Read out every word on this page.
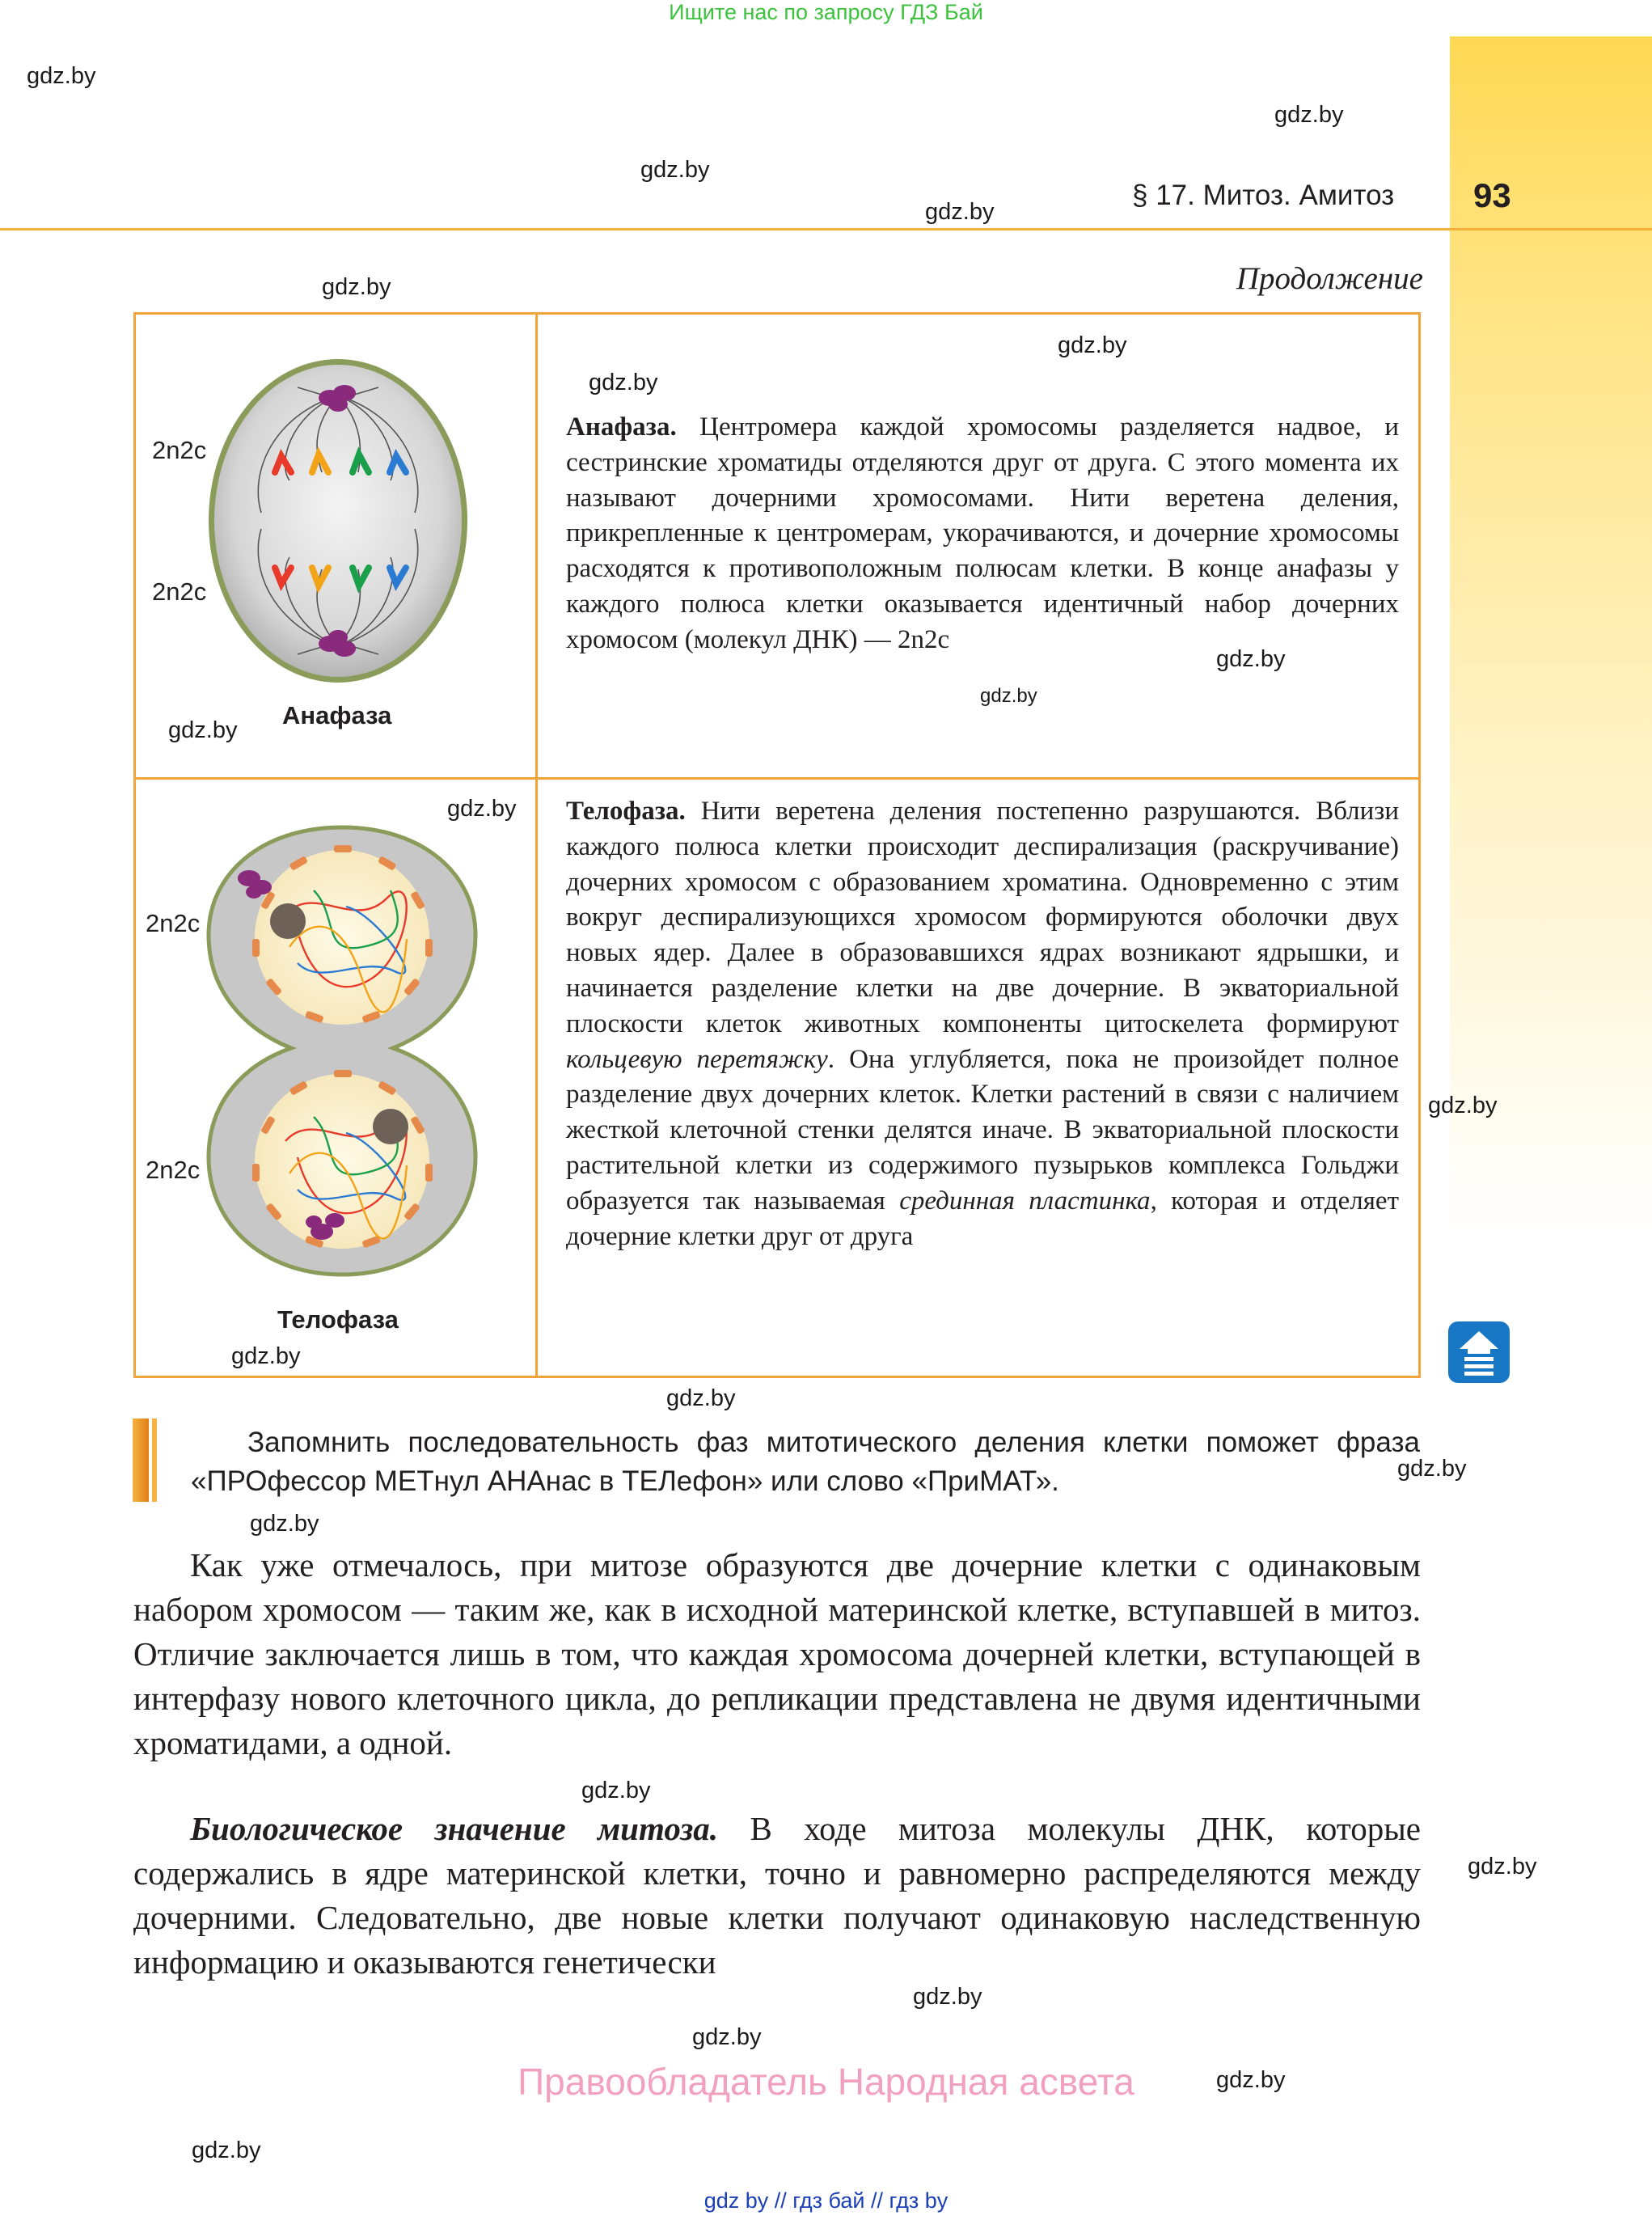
Ищите нас по запросу ГДЗ Бай
§ 17. Митоз. Амитоз 93
Продолжение
2n2c
2n2c
Анафаза
gdz.by
gdz.by
gdz.by
gdz.by
gdz.by
gdz.by
Анафаза. Центромера каждой хромосомы разделяется надвое, и сестринские хроматиды отделяются друг от друга. С этого момента их называют дочерними хромосомами. Нити веретена деления, прикрепленные к центромерам, укорачиваются, и дочерние хромосомы расходятся к противоположным полюсам клетки. В конце анафазы у каждого полюса клетки оказывается идентичный набор дочерних хромосом (молекул ДНК) — 2n2c
2n2c
2n2c
Телофаза
gdz.by
gdz.by
Телофаза. Нити веретена деления постепенно разрушаются. Вблизи каждого полюса клетки происходит деспирализация (раскручивание) дочерних хромосом с образованием хроматина. Одновременно с этим вокруг деспирализующихся хромосом формируются оболочки двух новых ядер. Далее в образовавшихся ядрах возникают ядрышки, и начинается разделение клетки на две дочерние. В экваториальной плоскости клеток животных компоненты цитоскелета формируют кольцевую перетяжку. Она углубляется, пока не произойдет полное разделение двух дочерних клеток. Клетки растений в связи с наличием жесткой клеточной стенки делятся иначе. В экваториальной плоскости растительной клетки из содержимого пузырьков комплекса Гольджи образуется так называемая срединная пластинка, которая и отделяет дочерние клетки друг от друга
Запомнить последовательность фаз митотического деления клетки поможет фраза «ПРОфессор МЕТнул АНАнас в ТЕЛефон» или слово «ПриМАТ».
Как уже отмечалось, при митозе образуются две дочерние клетки с одинаковым набором хромосом — таким же, как в исходной материнской клетке, вступавшей в митоз. Отличие заключается лишь в том, что каждая хромосома дочерней клетки, вступающей в интерфазу нового клеточного цикла, до репликации представлена не двумя идентичными хроматидами, а одной.
Биологическое значение митоза. В ходе митоза молекулы ДНК, которые содержались в ядре материнской клетки, точно и равномерно распределяются между дочерними. Следовательно, две новые клетки получают одинаковую наследственную информацию и оказываются генетически
gdz.by
gdz.by
gdz.by
gdz.by
gdz.by
gdz.by
gdz.by
gdz.by
gdz.by
gdz.by
gdz.by
gdz.by
gdz.by
gdz.by
Правообладатель Народная асвета
gdz by // гдз бай // гдз by
